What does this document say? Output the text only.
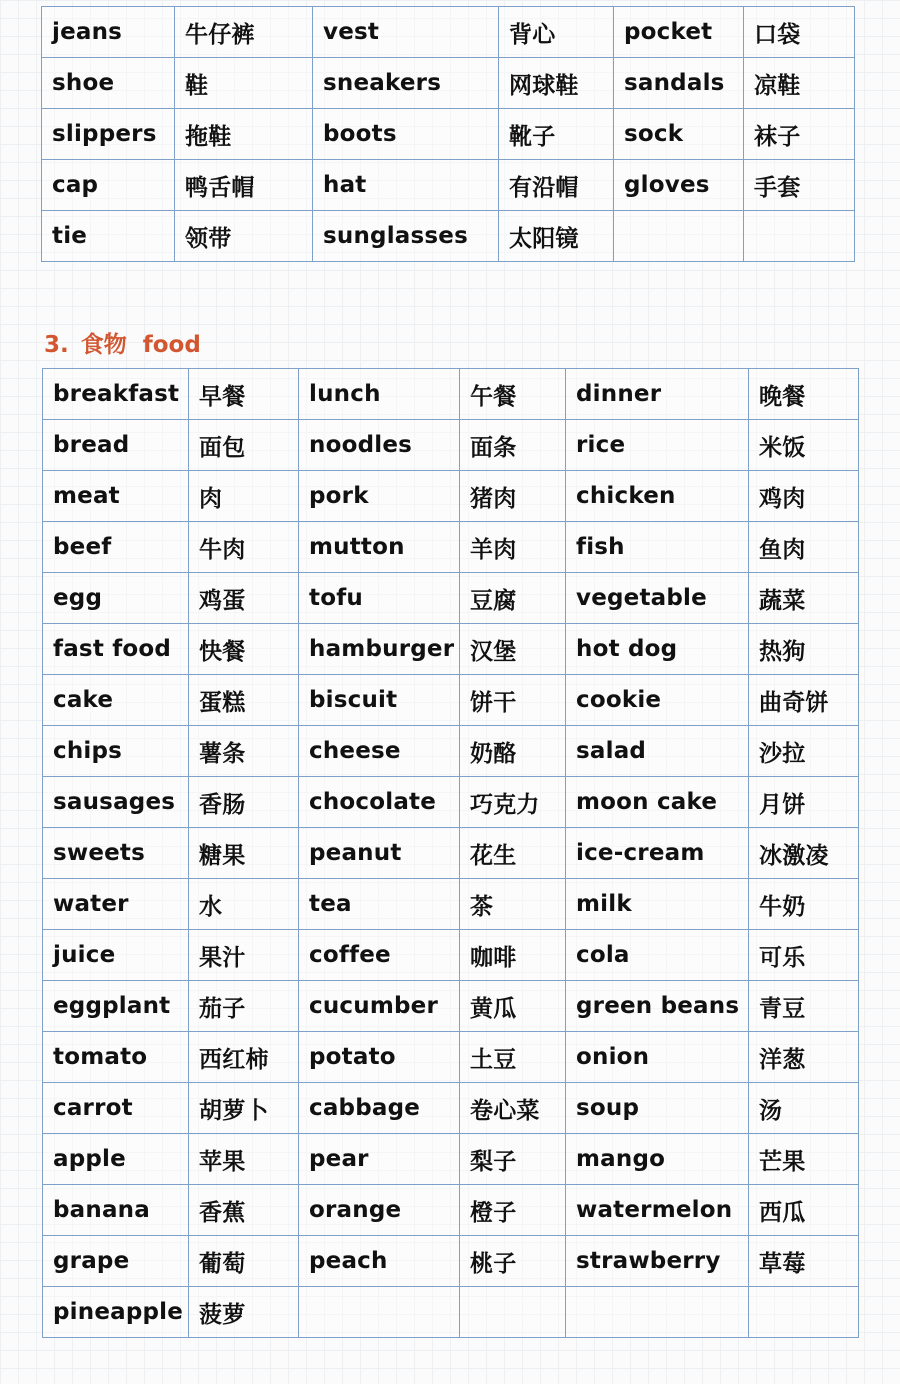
jeans	牛仔裤	vest	背心	pocket	口袋
shoe	鞋	sneakers	网球鞋	sandals	凉鞋
slippers	拖鞋	boots	靴子	sock	袜子
cap	鸭舌帽	hat	有沿帽	gloves	手套
tie	领带	sunglasses	太阳镜		
3. 食物 food
breakfast	早餐	lunch	午餐	dinner	晚餐
bread	面包	noodles	面条	rice	米饭
meat	肉	pork	猪肉	chicken	鸡肉
beef	牛肉	mutton	羊肉	fish	鱼肉
egg	鸡蛋	tofu	豆腐	vegetable	蔬菜
fast food	快餐	hamburger	汉堡	hot dog	热狗
cake	蛋糕	biscuit	饼干	cookie	曲奇饼
chips	薯条	cheese	奶酪	salad	沙拉
sausages	香肠	chocolate	巧克力	moon cake	月饼
sweets	糖果	peanut	花生	ice-cream	冰激凌
water	水	tea	茶	milk	牛奶
juice	果汁	coffee	咖啡	cola	可乐
eggplant	茄子	cucumber	黄瓜	green beans	青豆
tomato	西红柿	potato	土豆	onion	洋葱
carrot	胡萝卜	cabbage	卷心菜	soup	汤
apple	苹果	pear	梨子	mango	芒果
banana	香蕉	orange	橙子	watermelon	西瓜
grape	葡萄	peach	桃子	strawberry	草莓
pineapple	菠萝				
